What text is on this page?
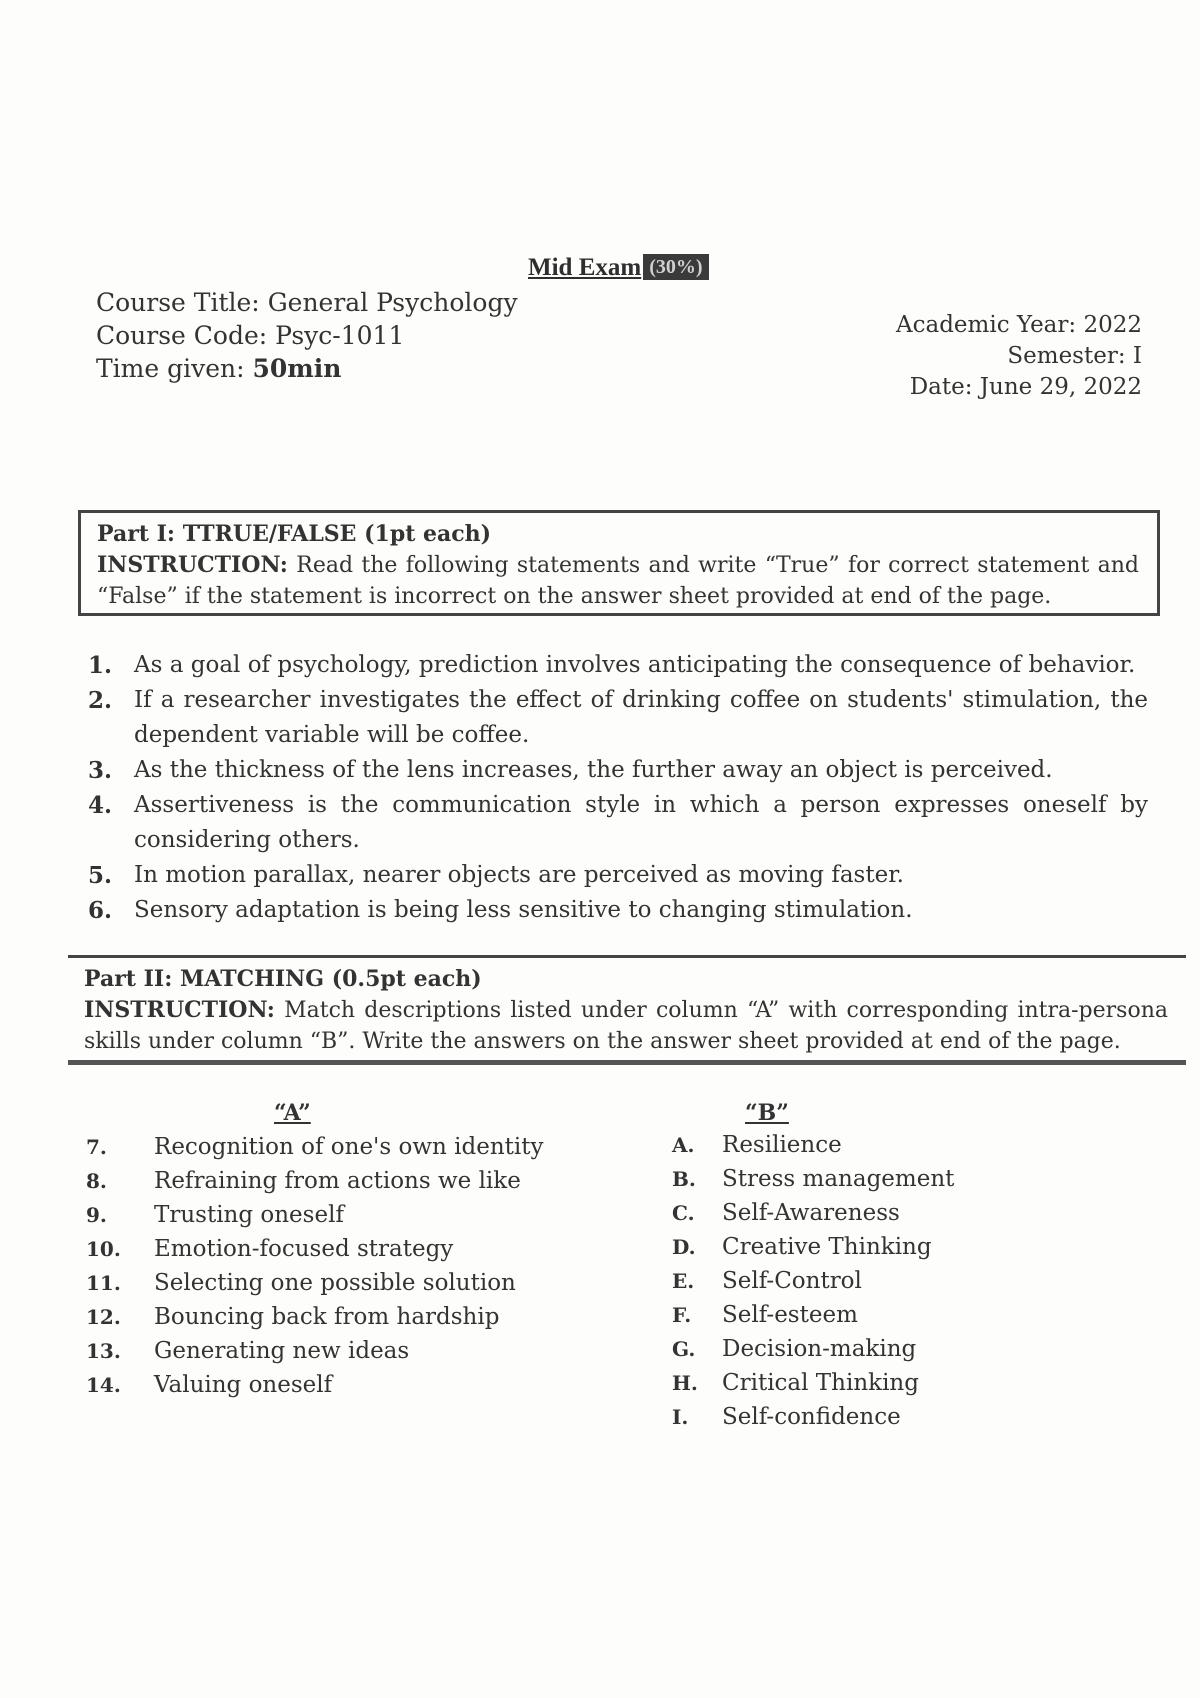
Mid Exam (30%)
Course Title: General Psychology
Course Code: Psyc-1011
Time given: 50min
Academic Year: 2022
Semester: I
Date: June 29, 2022
Part I: TTRUE/FALSE (1pt each)
INSTRUCTION: Read the following statements and write “True” for correct statement and “False” if the statement is incorrect on the answer sheet provided at end of the page.
1. As a goal of psychology, prediction involves anticipating the consequence of behavior.
2. If a researcher investigates the effect of drinking coffee on students' stimulation, the dependent variable will be coffee.
3. As the thickness of the lens increases, the further away an object is perceived.
4. Assertiveness is the communication style in which a person expresses oneself by considering others.
5. In motion parallax, nearer objects are perceived as moving faster.
6. Sensory adaptation is being less sensitive to changing stimulation.
Part II: MATCHING (0.5pt each)
INSTRUCTION: Match descriptions listed under column “A” with corresponding intra-persona skills under column “B”. Write the answers on the answer sheet provided at end of the page.
“A”	“B”
7.	Recognition of one's own identity
8.	Refraining from actions we like
9.	Trusting oneself
10.	Emotion-focused strategy
11.	Selecting one possible solution
12.	Bouncing back from hardship
13.	Generating new ideas
14.	Valuing oneself
A.	Resilience
B.	Stress management
C.	Self-Awareness
D.	Creative Thinking
E.	Self-Control
F.	Self-esteem
G.	Decision-making
H.	Critical Thinking
I.	Self-confidence
